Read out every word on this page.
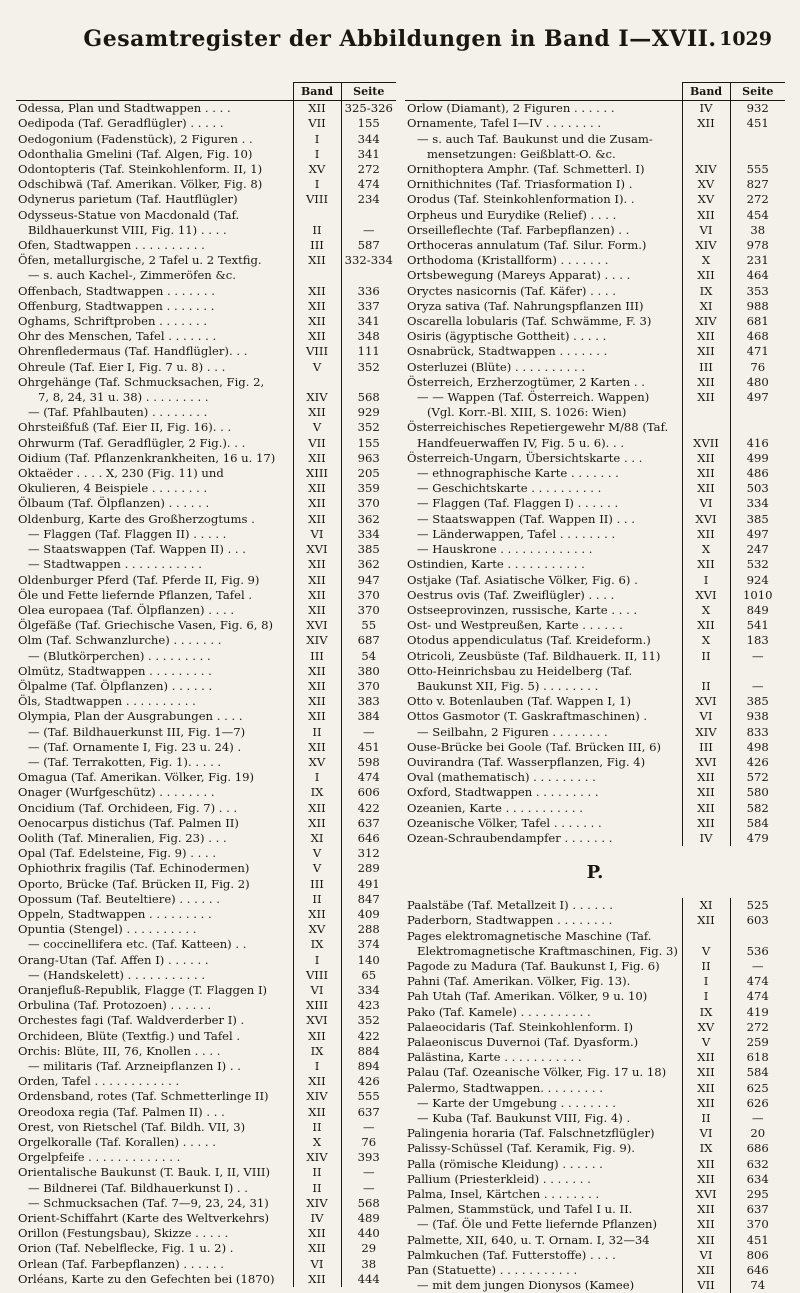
Gesamtregister der Abbildungen in Band I—XVII. 1029
	Band	Seite
Odessa, Plan und Stadtwappen . . . .	XII	325-326
Oedipoda (Taf. Geradflügler) . . . . .	VII	155
Oedogonium (Fadenstück), 2 Figuren . .	I	344
Odonthalia Gmelini (Taf. Algen, Fig. 10)	I	341
Odontopteris (Taf. Steinkohlenform. II, 1)	XV	272
Odschibwä (Taf. Amerikan. Völker, Fig. 8)	I	474
Odynerus parietum (Taf. Hautflügler)	VIII	234
Odysseus-Statue von Macdonald (Taf.		
Bildhauerkunst VIII, Fig. 11) . . . .	II	—
Ofen, Stadtwappen . . . . . . . . . .	III	587
Öfen, metallurgische, 2 Tafel u. 2 Textfig.	XII	332-334
— s. auch Kachel-, Zimmeröfen &c.		
Offenbach, Stadtwappen . . . . . . .	XII	336
Offenburg, Stadtwappen . . . . . . .	XII	337
Oghams, Schriftproben . . . . . . .	XII	341
Ohr des Menschen, Tafel . . . . . . .	XII	348
Ohrenfledermaus (Taf. Handflügler). . .	VIII	111
Ohreule (Taf. Eier I, Fig. 7 u. 8) . . .	V	352
Ohrgehänge (Taf. Schmucksachen, Fig. 2,		
7, 8, 24, 31 u. 38) . . . . . . . . .	XIV	568
— (Taf. Pfahlbauten) . . . . . . . .	XII	929
Ohrsteißfuß (Taf. Eier II, Fig. 16). . .	V	352
Ohrwurm (Taf. Geradflügler, 2 Fig.). . .	VII	155
Oidium (Taf. Pflanzenkrankheiten, 16 u. 17)	XII	963
Oktaëder . . . . X, 230 (Fig. 11) und	XIII	205
Okulieren, 4 Beispiele . . . . . . . .	XII	359
Ölbaum (Taf. Ölpflanzen) . . . . . .	XII	370
Oldenburg, Karte des Großherzogtums .	XII	362
— Flaggen (Taf. Flaggen II) . . . . .	VI	334
— Staatswappen (Taf. Wappen II) . . .	XVI	385
— Stadtwappen . . . . . . . . . . .	XII	362
Oldenburger Pferd (Taf. Pferde II, Fig. 9)	XII	947
Öle und Fette liefernde Pflanzen, Tafel .	XII	370
Olea europaea (Taf. Ölpflanzen) . . . .	XII	370
Ölgefäße (Taf. Griechische Vasen, Fig. 6, 8)	XVI	55
Olm (Taf. Schwanzlurche) . . . . . . .	XIV	687
— (Blutkörperchen) . . . . . . . . .	III	54
Olmütz, Stadtwappen . . . . . . . . .	XII	380
Ölpalme (Taf. Ölpflanzen) . . . . . .	XII	370
Öls, Stadtwappen . . . . . . . . . .	XII	383
Olympia, Plan der Ausgrabungen . . . .	XII	384
— (Taf. Bildhauerkunst III, Fig. 1—7)	II	—
— (Taf. Ornamente I, Fig. 23 u. 24) .	XII	451
— (Taf. Terrakotten, Fig. 1). . . . .	XV	598
Omagua (Taf. Amerikan. Völker, Fig. 19)	I	474
Onager (Wurfgeschütz) . . . . . . . .	IX	606
Oncidium (Taf. Orchideen, Fig. 7) . . .	XII	422
Oenocarpus distichus (Taf. Palmen II)	XII	637
Oolith (Taf. Mineralien, Fig. 23) . . .	XI	646
Opal (Taf. Edelsteine, Fig. 9) . . . .	V	312
Ophiothrix fragilis (Taf. Echinodermen)	V	289
Oporto, Brücke (Taf. Brücken II, Fig. 2)	III	491
Opossum (Taf. Beuteltiere) . . . . . .	II	847
Oppeln, Stadtwappen . . . . . . . . .	XII	409
Opuntia (Stengel) . . . . . . . . . .	XV	288
— coccinellifera etc. (Taf. Katteen) . .	IX	374
Orang-Utan (Taf. Affen I) . . . . . .	I	140
— (Handskelett) . . . . . . . . . . .	VIII	65
Oranjefluß-Republik, Flagge (T. Flaggen I)	VI	334
Orbulina (Taf. Protozoen) . . . . . .	XIII	423
Orchestes fagi (Taf. Waldverderber I) .	XVI	352
Orchideen, Blüte (Textfig.) und Tafel .	XII	422
Orchis: Blüte, III, 76, Knollen . . . .	IX	884
— militaris (Taf. Arzneipflanzen I) . .	I	894
Orden, Tafel . . . . . . . . . . . .	XII	426
Ordensband, rotes (Taf. Schmetterlinge II)	XIV	555
Oreodoxa regia (Taf. Palmen II) . . .	XII	637
Orest, von Rietschel (Taf. Bildh. VII, 3)	II	—
Orgelkoralle (Taf. Korallen) . . . . .	X	76
Orgelpfeife . . . . . . . . . . . . .	XIV	393
Orientalische Baukunst (T. Bauk. I, II, VIII)	II	—
— Bildnerei (Taf. Bildhauerkunst I) . .	II	—
— Schmucksachen (Taf. 7—9, 23, 24, 31)	XIV	568
Orient-Schiffahrt (Karte des Weltverkehrs)	IV	489
Orillon (Festungsbau), Skizze . . . . .	XII	440
Orion (Taf. Nebelflecke, Fig. 1 u. 2) .	XII	29
Orlean (Taf. Farbepflanzen) . . . . . .	VI	38
Orléans, Karte zu den Gefechten bei (1870)	XII	444
	Band	Seite
Orlow (Diamant), 2 Figuren . . . . . .	IV	932
Ornamente, Tafel I—IV . . . . . . . .	XII	451
— s. auch Taf. Baukunst und die Zusam-		
mensetzungen: Geißblatt-O. &c.		
Ornithoptera Amphr. (Taf. Schmetterl. I)	XIV	555
Ornithichnites (Taf. Triasformation I) .	XV	827
Orodus (Taf. Steinkohlenformation I). .	XV	272
Orpheus und Eurydike (Relief) . . . .	XII	454
Orseilleflechte (Taf. Farbepflanzen) . .	VI	38
Orthoceras annulatum (Taf. Silur. Form.)	XIV	978
Orthodoma (Kristallform) . . . . . . .	X	231
Ortsbewegung (Mareys Apparat) . . . .	XII	464
Oryctes nasicornis (Taf. Käfer) . . . .	IX	353
Oryza sativa (Taf. Nahrungspflanzen III)	XI	988
Oscarella lobularis (Taf. Schwämme, F. 3)	XIV	681
Osiris (ägyptische Gottheit) . . . . .	XII	468
Osnabrück, Stadtwappen . . . . . . .	XII	471
Osterluzei (Blüte) . . . . . . . . . .	III	76
Österreich, Erzherzogtümer, 2 Karten . .	XII	480
— — Wappen (Taf. Österreich. Wappen)	XII	497
(Vgl. Korr.-Bl. XIII, S. 1026: Wien)		
Österreichisches Repetiergewehr M/88 (Taf.		
Handfeuerwaffen IV, Fig. 5 u. 6). . .	XVII	416
Österreich-Ungarn, Übersichtskarte . . .	XII	499
— ethnographische Karte . . . . . . .	XII	486
— Geschichtskarte . . . . . . . . . .	XII	503
— Flaggen (Taf. Flaggen I) . . . . . .	VI	334
— Staatswappen (Taf. Wappen II) . . .	XVI	385
— Länderwappen, Tafel . . . . . . . .	XII	497
— Hauskrone . . . . . . . . . . . . .	X	247
Ostindien, Karte . . . . . . . . . . .	XII	532
Ostjake (Taf. Asiatische Völker, Fig. 6) .	I	924
Oestrus ovis (Taf. Zweiflügler) . . . .	XVI	1010
Ostseeprovinzen, russische, Karte . . . .	X	849
Ost- und Westpreußen, Karte . . . . . .	XII	541
Otodus appendiculatus (Taf. Kreideform.)	X	183
Otricoli, Zeusbüste (Taf. Bildhauerk. II, 11)	II	—
Otto-Heinrichsbau zu Heidelberg (Taf.		
Baukunst XII, Fig. 5) . . . . . . . .	II	—
Otto v. Botenlauben (Taf. Wappen I, 1)	XVI	385
Ottos Gasmotor (T. Gaskraftmaschinen) .	VI	938
— Seilbahn, 2 Figuren . . . . . . . .	XIV	833
Ouse-Brücke bei Goole (Taf. Brücken III, 6)	III	498
Ouvirandra (Taf. Wasserpflanzen, Fig. 4)	XVI	426
Oval (mathematisch) . . . . . . . . .	XII	572
Oxford, Stadtwappen . . . . . . . . .	XII	580
Ozeanien, Karte . . . . . . . . . . .	XII	582
Ozeanische Völker, Tafel . . . . . . .	XII	584
Ozean-Schraubendampfer . . . . . . .	IV	479
P.		
Paalstäbe (Taf. Metallzeit I) . . . . . .	XI	525
Paderborn, Stadtwappen . . . . . . . .	XII	603
Pages elektromagnetische Maschine (Taf.		
Elektromagnetische Kraftmaschinen, Fig. 3)	V	536
Pagode zu Madura (Taf. Baukunst I, Fig. 6)	II	—
Pahni (Taf. Amerikan. Völker, Fig. 13).	I	474
Pah Utah (Taf. Amerikan. Völker, 9 u. 10)	I	474
Pako (Taf. Kamele) . . . . . . . . . .	IX	419
Palaeocidaris (Taf. Steinkohlenform. I)	XV	272
Palaeoniscus Duvernoi (Taf. Dyasform.)	V	259
Palästina, Karte . . . . . . . . . . .	XII	618
Palau (Taf. Ozeanische Völker, Fig. 17 u. 18)	XII	584
Palermo, Stadtwappen. . . . . . . . .	XII	625
— Karte der Umgebung . . . . . . . .	XII	626
— Kuba (Taf. Baukunst VIII, Fig. 4) .	II	—
Palingenia horaria (Taf. Falschnetzflügler)	VI	20
Palissy-Schüssel (Taf. Keramik, Fig. 9).	IX	686
Palla (römische Kleidung) . . . . . .	XII	632
Pallium (Priesterkleid) . . . . . . .	XII	634
Palma, Insel, Kärtchen . . . . . . . .	XVI	295
Palmen, Stammstück, und Tafel I u. II.	XII	637
— (Taf. Öle und Fette liefernde Pflanzen)	XII	370
Palmette, XII, 640, u. T. Ornam. I, 32—34	XII	451
Palmkuchen (Taf. Futterstoffe) . . . .	VI	806
Pan (Statuette) . . . . . . . . . . .	XII	646
— mit dem jungen Dionysos (Kamee)	VII	74
